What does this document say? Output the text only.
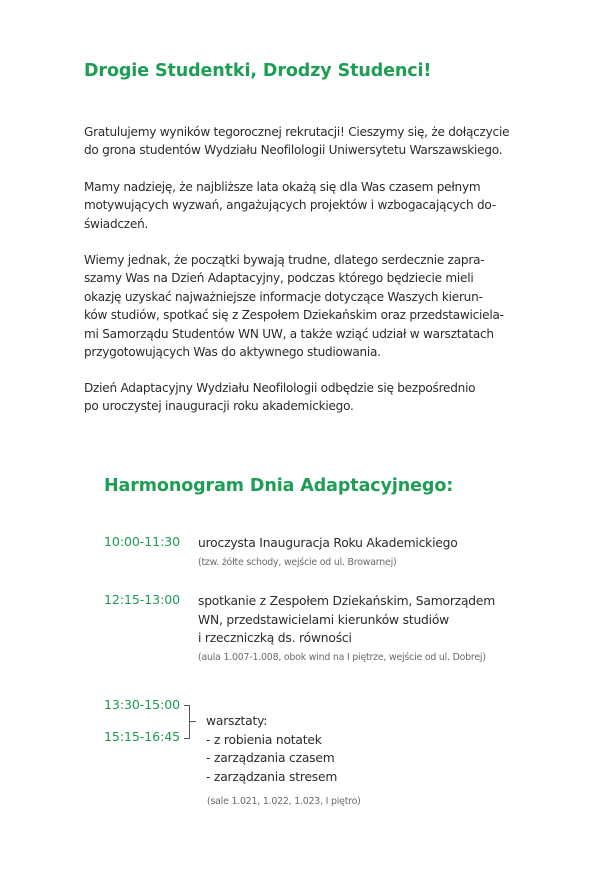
Drogie Studentki, Drodzy Studenci!
Gratulujemy wyników tegorocznej rekrutacji! Cieszymy się, że dołączycie
do grona studentów Wydziału Neofilologii Uniwersytetu Warszawskiego.
Mamy nadzieję, że najbliższe lata okażą się dla Was czasem pełnym
motywujących wyzwań, angażujących projektów i wzbogacających do-
świadczeń.
Wiemy jednak, że początki bywają trudne, dlatego serdecznie zapra-
szamy Was na Dzień Adaptacyjny, podczas którego będziecie mieli
okazję uzyskać najważniejsze informacje dotyczące Waszych kierun-
ków studiów, spotkać się z Zespołem Dziekańskim oraz przedstawiciela-
mi Samorządu Studentów WN UW, a także wziąć udział w warsztatach
przygotowujących Was do aktywnego studiowania.
Dzień Adaptacyjny Wydziału Neofilologii odbędzie się bezpośrednio
po uroczystej inauguracji roku akademickiego.
Harmonogram Dnia Adaptacyjnego:
10:00-11:30 uroczysta Inauguracja Roku Akademickiego
(tzw. żółte schody, wejście od ul. Browarnej)
12:15-13:00 spotkanie z Zespołem Dziekańskim, Samorządem
WN, przedstawicielami kierunków studiów
i rzeczniczką ds. równości
(aula 1.007-1.008, obok wind na I piętrze, wejście od ul. Dobrej)
13:30-15:00
15:15-16:45
warsztaty:
- z robienia notatek
- zarządzania czasem
- zarządzania stresem
(sale 1.021, 1.022, 1.023, I piętro)
